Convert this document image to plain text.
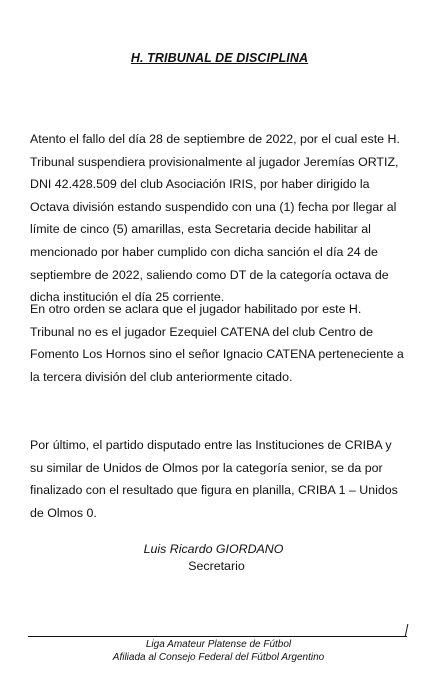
H. TRIBUNAL DE DISCIPLINA
Atento el fallo del día 28 de septiembre de 2022, por el cual este H.
Tribunal suspendiera provisionalmente al jugador Jeremías ORTIZ,
DNI 42.428.509 del club Asociación IRIS, por haber dirigido la
Octava división estando suspendido con una (1) fecha por llegar al
límite de cinco (5) amarillas, esta Secretaria decide habilitar al
mencionado por haber cumplido con dicha sanción el día 24 de
septiembre de 2022, saliendo como DT de la categoría octava de
dicha institución el día 25 corriente.
En otro orden se aclara que el jugador habilitado por este H.
Tribunal no es el jugador Ezequiel CATENA del club Centro de
Fomento Los Hornos sino el señor Ignacio CATENA perteneciente a
la tercera división del club anteriormente citado.
Por último, el partido disputado entre las Instituciones de CRIBA y
su similar de Unidos de Olmos por la categoría senior, se da por
finalizado con el resultado que figura en planilla, CRIBA 1 – Unidos
de Olmos 0.
Luis Ricardo GIORDANO
Secretario
Liga Amateur Platense de Fútbol
Afiliada al Consejo Federal del Fútbol Argentino
